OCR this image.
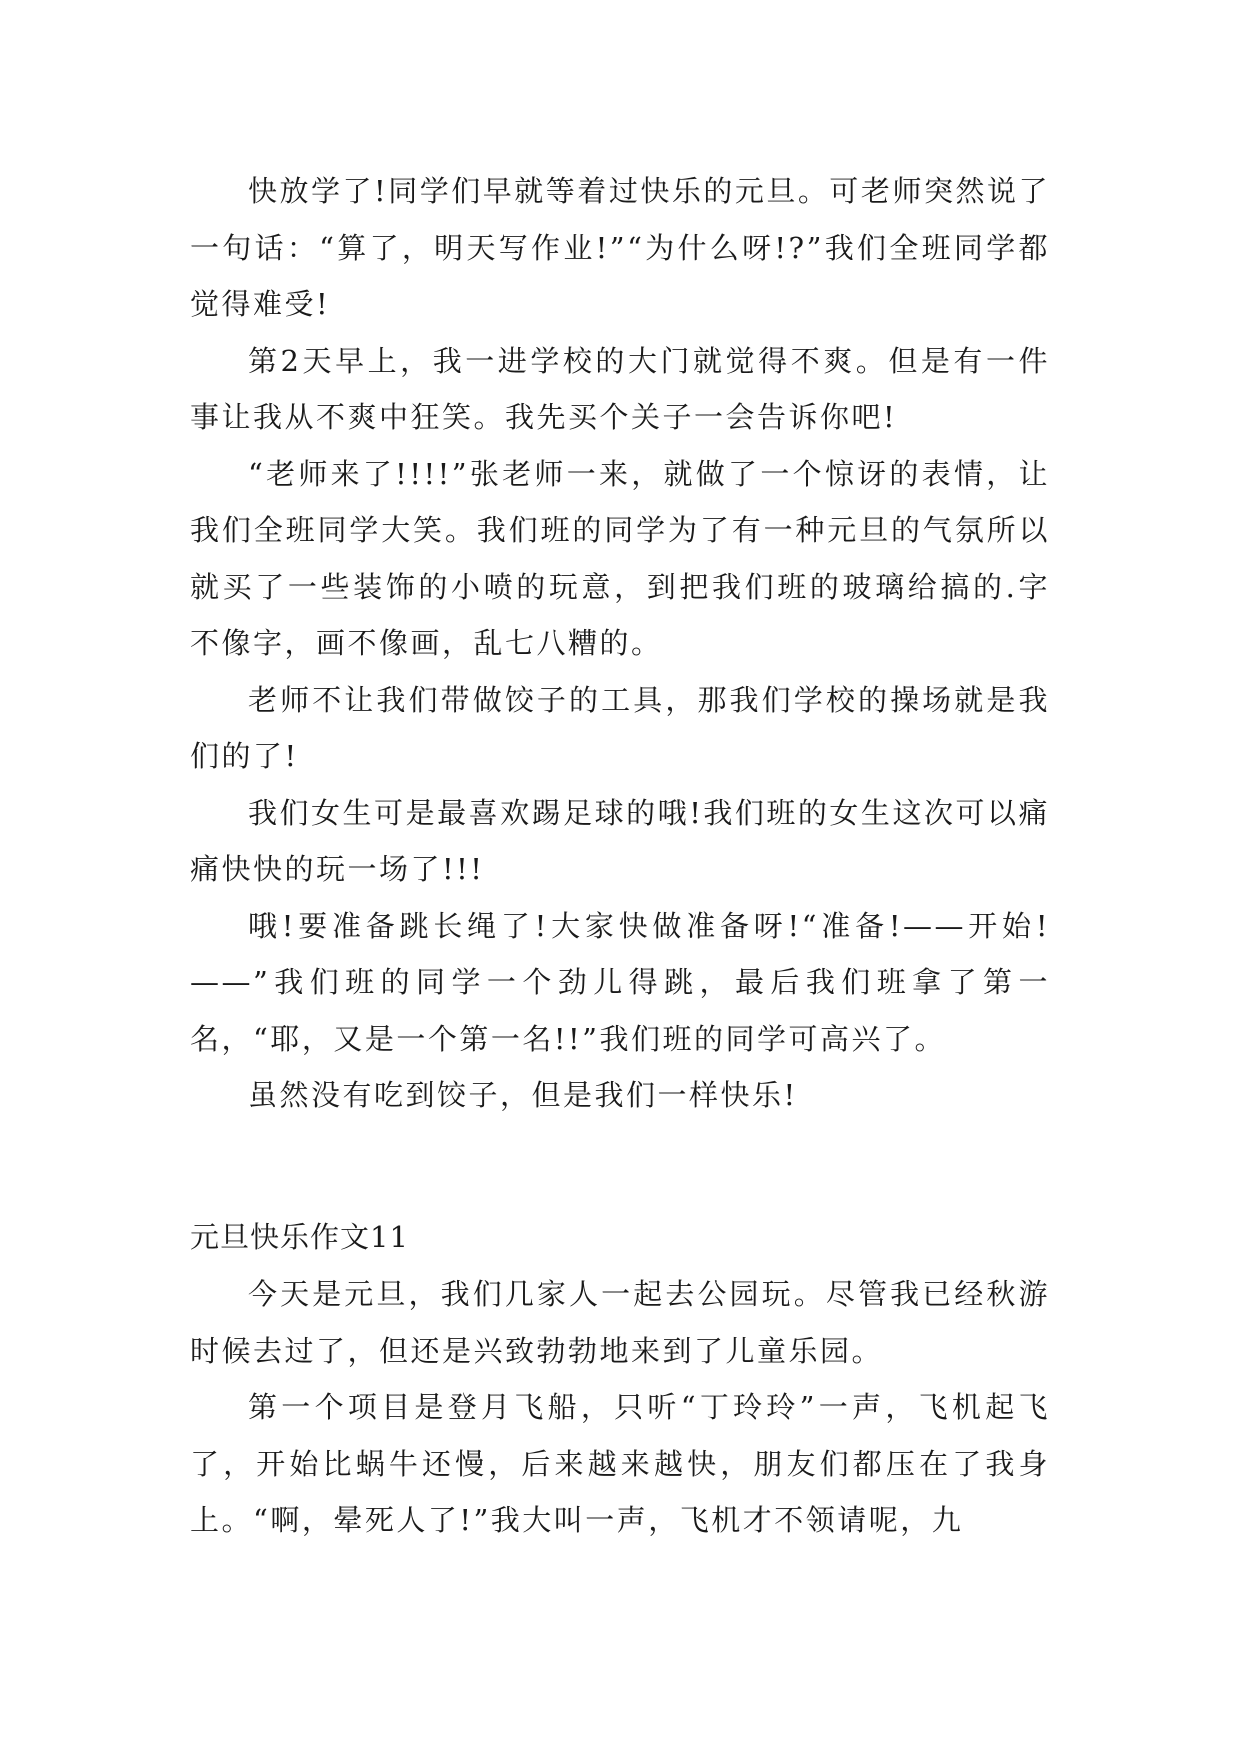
快放学了!同学们早就等着过快乐的元旦。可老师突然说了一句话：“算了，明天写作业!”“为什么呀!?”我们全班同学都觉得难受!

第2天早上，我一进学校的大门就觉得不爽。但是有一件事让我从不爽中狂笑。我先买个关子一会告诉你吧!

“老师来了!!!!”张老师一来，就做了一个惊讶的表情，让我们全班同学大笑。我们班的同学为了有一种元旦的气氛所以就买了一些装饰的小喷的玩意，到把我们班的玻璃给搞的.字不像字，画不像画，乱七八糟的。

老师不让我们带做饺子的工具，那我们学校的操场就是我们的了!

我们女生可是最喜欢踢足球的哦!我们班的女生这次可以痛痛快快的玩一场了!!!

哦!要准备跳长绳了!大家快做准备呀!“准备!——开始!——”我们班的同学一个劲儿得跳，最后我们班拿了第一名，“耶，又是一个第一名!!”我们班的同学可高兴了。

虽然没有吃到饺子，但是我们一样快乐!

元旦快乐作文11

今天是元旦，我们几家人一起去公园玩。尽管我已经秋游时候去过了，但还是兴致勃勃地来到了儿童乐园。

第一个项目是登月飞船，只听“丁玲玲”一声，飞机起飞了，开始比蜗牛还慢，后来越来越快，朋友们都压在了我身上。“啊，晕死人了!”我大叫一声，飞机才不领请呢，九
